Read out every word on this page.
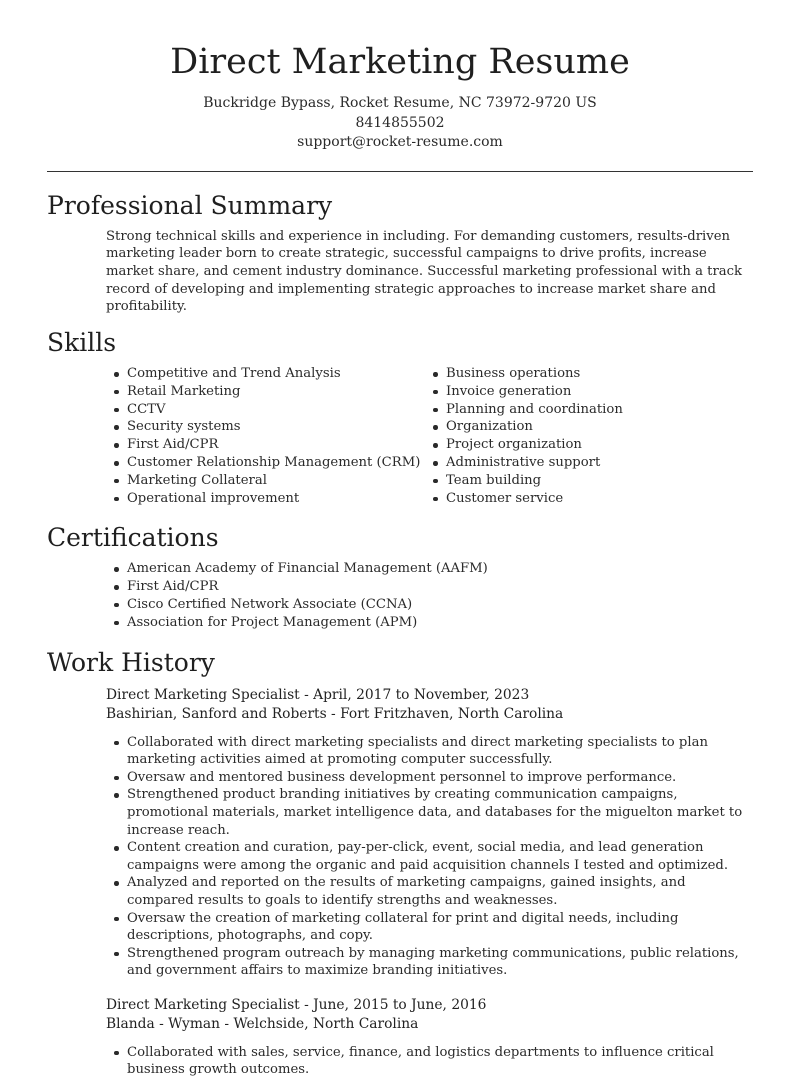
Direct Marketing Resume
Buckridge Bypass, Rocket Resume, NC 73972-9720 US
8414855502
support@rocket-resume.com
Professional Summary

Strong technical skills and experience in including. For demanding customers, results-driven marketing leader born to create strategic, successful campaigns to drive profits, increase market share, and cement industry dominance. Successful marketing professional with a track record of developing and implementing strategic approaches to increase market share and profitability.

Skills
Competitive and Trend Analysis
Retail Marketing
CCTV
Security systems
First Aid/CPR
Customer Relationship Management (CRM)
Marketing Collateral
Operational improvement
Business operations
Invoice generation
Planning and coordination
Organization
Project organization
Administrative support
Team building
Customer service
Certifications
American Academy of Financial Management (AAFM)
First Aid/CPR
Cisco Certified Network Associate (CCNA)
Association for Project Management (APM)
Work History
Direct Marketing Specialist - April, 2017 to November, 2023
Bashirian, Sanford and Roberts - Fort Fritzhaven, North Carolina
Collaborated with direct marketing specialists and direct marketing specialists to plan marketing activities aimed at promoting computer successfully.
Oversaw and mentored business development personnel to improve performance.
Strengthened product branding initiatives by creating communication campaigns, promotional materials, market intelligence data, and databases for the miguelton market to increase reach.
Content creation and curation, pay-per-click, event, social media, and lead generation campaigns were among the organic and paid acquisition channels I tested and optimized.
Analyzed and reported on the results of marketing campaigns, gained insights, and compared results to goals to identify strengths and weaknesses.
Oversaw the creation of marketing collateral for print and digital needs, including descriptions, photographs, and copy.
Strengthened program outreach by managing marketing communications, public relations, and government affairs to maximize branding initiatives.
Direct Marketing Specialist - June, 2015 to June, 2016
Blanda - Wyman - Welchside, North Carolina
Collaborated with sales, service, finance, and logistics departments to influence critical business growth outcomes.
